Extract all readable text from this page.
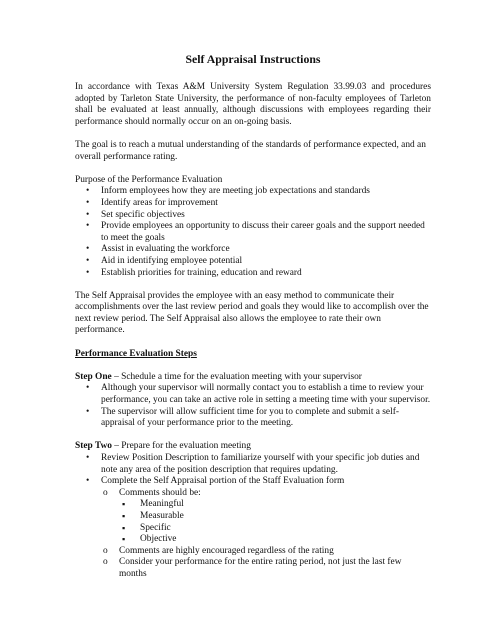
Self Appraisal Instructions

In accordance with Texas A&M University System Regulation 33.99.03 and procedures adopted by Tarleton State University, the performance of non-faculty employees of Tarleton shall be evaluated at least annually, although discussions with employees regarding their performance should normally occur on an on-going basis.

The goal is to reach a mutual understanding of the standards of performance expected, and an overall performance rating.

Purpose of the Performance Evaluation
• Inform employees how they are meeting job expectations and standards
• Identify areas for improvement
• Set specific objectives
• Provide employees an opportunity to discuss their career goals and the support needed to meet the goals
• Assist in evaluating the workforce
• Aid in identifying employee potential
• Establish priorities for training, education and reward

The Self Appraisal provides the employee with an easy method to communicate their accomplishments over the last review period and goals they would like to accomplish over the next review period. The Self Appraisal also allows the employee to rate their own performance.

Performance Evaluation Steps
Step One – Schedule a time for the evaluation meeting with your supervisor
• Although your supervisor will normally contact you to establish a time to review your performance, you can take an active role in setting a meeting time with your supervisor.
• The supervisor will allow sufficient time for you to complete and submit a self-appraisal of your performance prior to the meeting.
Step Two – Prepare for the evaluation meeting
• Review Position Description to familiarize yourself with your specific job duties and note any area of the position description that requires updating.
• Complete the Self Appraisal portion of the Staff Evaluation form
o Comments should be:
▪ Meaningful
▪ Measurable
▪ Specific
▪ Objective
o Comments are highly encouraged regardless of the rating
o Consider your performance for the entire rating period, not just the last few months
